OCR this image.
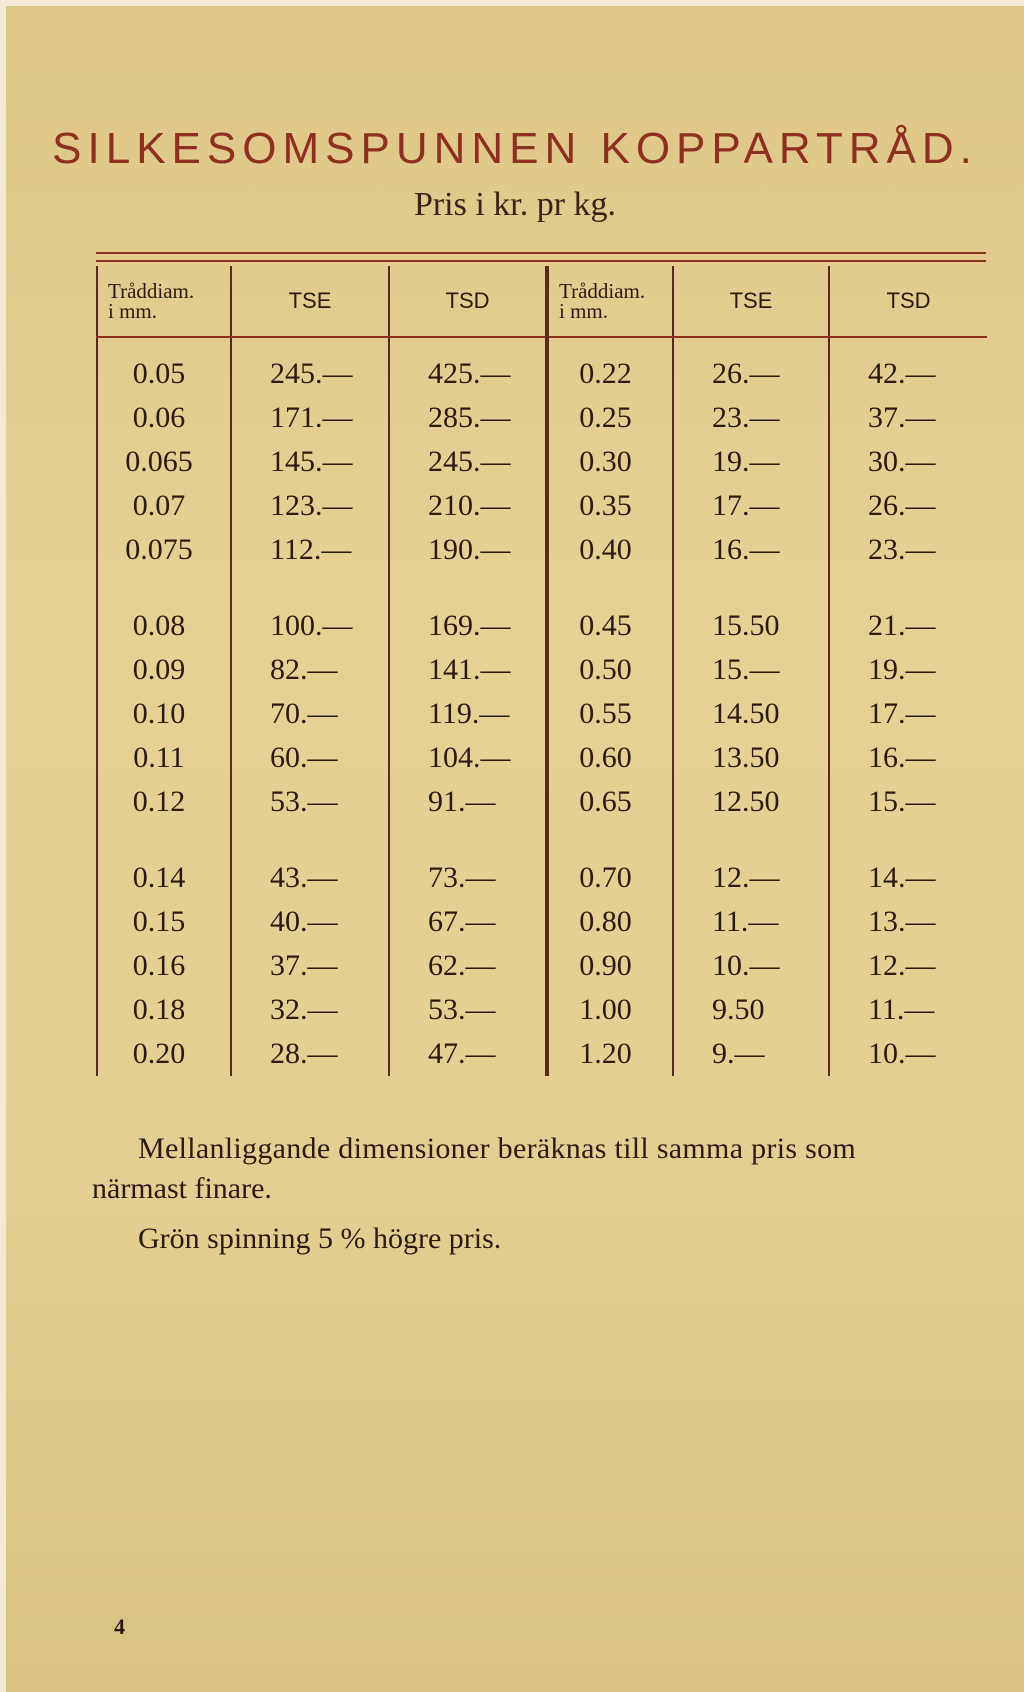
SILKESOMSPUNNEN KOPPARTRÅD.
Pris i kr. pr kg.
Tråddiam.
i mm.	TSE	TSD	Tråddiam.
i mm.	TSE	TSD

0.05	245.—	425.—	0.22	26.—	42.—
0.06	171.—	285.—	0.25	23.—	37.—
0.065	145.—	245.—	0.30	19.—	30.—
0.07	123.—	210.—	0.35	17.—	26.—
0.075	112.—	190.—	0.40	16.—	23.—
0.08	100.—	169.—	0.45	15.50	21.—
0.09	82.—	141.—	0.50	15.—	19.—
0.10	70.—	119.—	0.55	14.50	17.—
0.11	60.—	104.—	0.60	13.50	16.—
0.12	53.—	91.—	0.65	12.50	15.—
0.14	43.—	73.—	0.70	12.—	14.—
0.15	40.—	67.—	0.80	11.—	13.—
0.16	37.—	62.—	0.90	10.—	12.—
0.18	32.—	53.—	1.00	9.50	11.—
0.20	28.—	47.—	1.20	9.—	10.—
Mellanliggande dimensioner beräknas till samma pris som
närmast finare.
Grön spinning 5 % högre pris.
4
